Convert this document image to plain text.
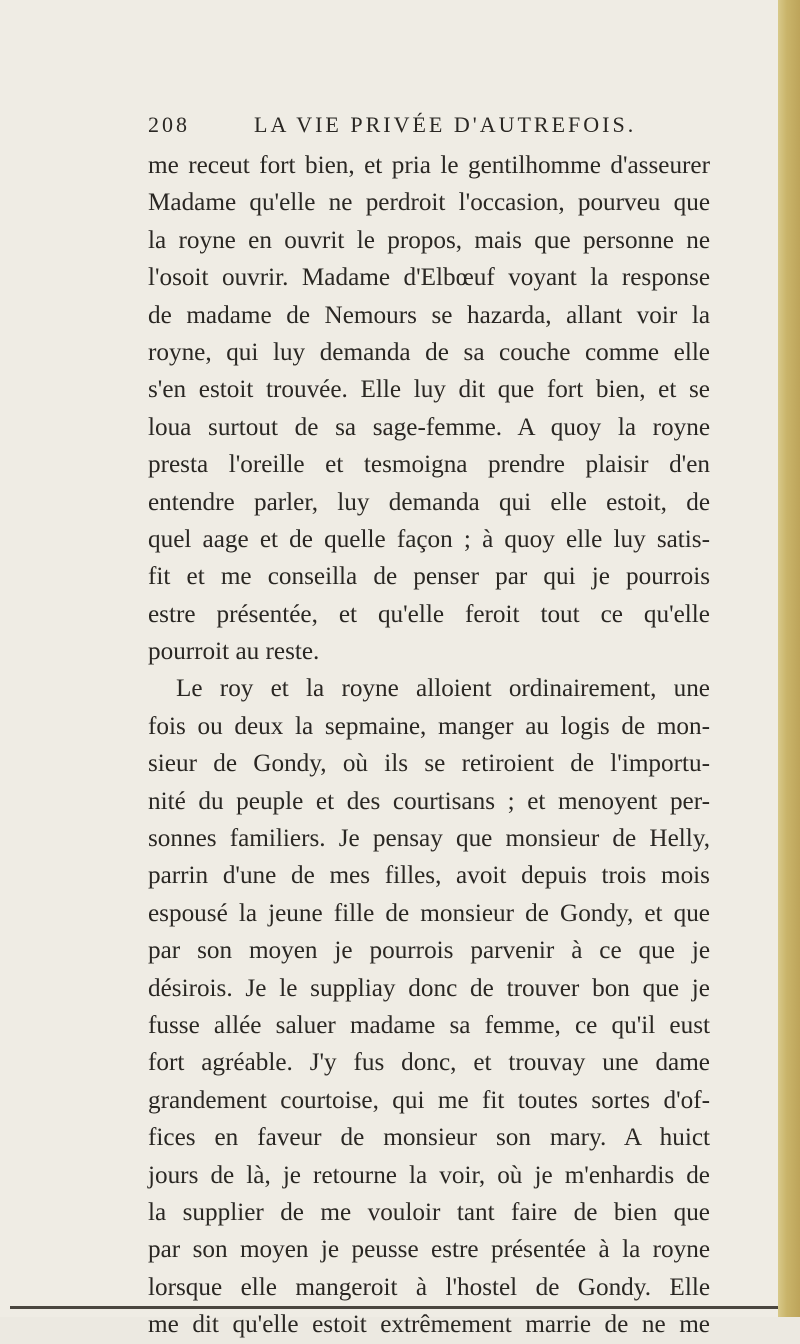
208	LA VIE PRIVÉE D'AUTREFOIS.
me receut fort bien, et pria le gentilhomme d'asseurer
Madame qu'elle ne perdroit l'occasion, pourveu que
la royne en ouvrit le propos, mais que personne ne
l'osoit ouvrir. Madame d'Elbœuf voyant la response
de madame de Nemours se hazarda, allant voir la
royne, qui luy demanda de sa couche comme elle
s'en estoit trouvée. Elle luy dit que fort bien, et se
loua surtout de sa sage-femme. A quoy la royne
presta l'oreille et tesmoigna prendre plaisir d'en
entendre parler, luy demanda qui elle estoit, de
quel aage et de quelle façon ; à quoy elle luy satis-
fit et me conseilla de penser par qui je pourrois
estre présentée, et qu'elle feroit tout ce qu'elle
pourroit au reste.
Le roy et la royne alloient ordinairement, une
fois ou deux la sepmaine, manger au logis de mon-
sieur de Gondy, où ils se retiroient de l'importu-
nité du peuple et des courtisans ; et menoyent per-
sonnes familiers. Je pensay que monsieur de Helly,
parrin d'une de mes filles, avoit depuis trois mois
espousé la jeune fille de monsieur de Gondy, et que
par son moyen je pourrois parvenir à ce que je
désirois. Je le suppliay donc de trouver bon que je
fusse allée saluer madame sa femme, ce qu'il eust
fort agréable. J'y fus donc, et trouvay une dame
grandement courtoise, qui me fit toutes sortes d'of-
fices en faveur de monsieur son mary. A huict
jours de là, je retourne la voir, où je m'enhardis de
la supplier de me vouloir tant faire de bien que
par son moyen je peusse estre présentée à la royne
lorsque elle mangeroit à l'hostel de Gondy. Elle
me dit qu'elle estoit extrêmement marrie de ne me
